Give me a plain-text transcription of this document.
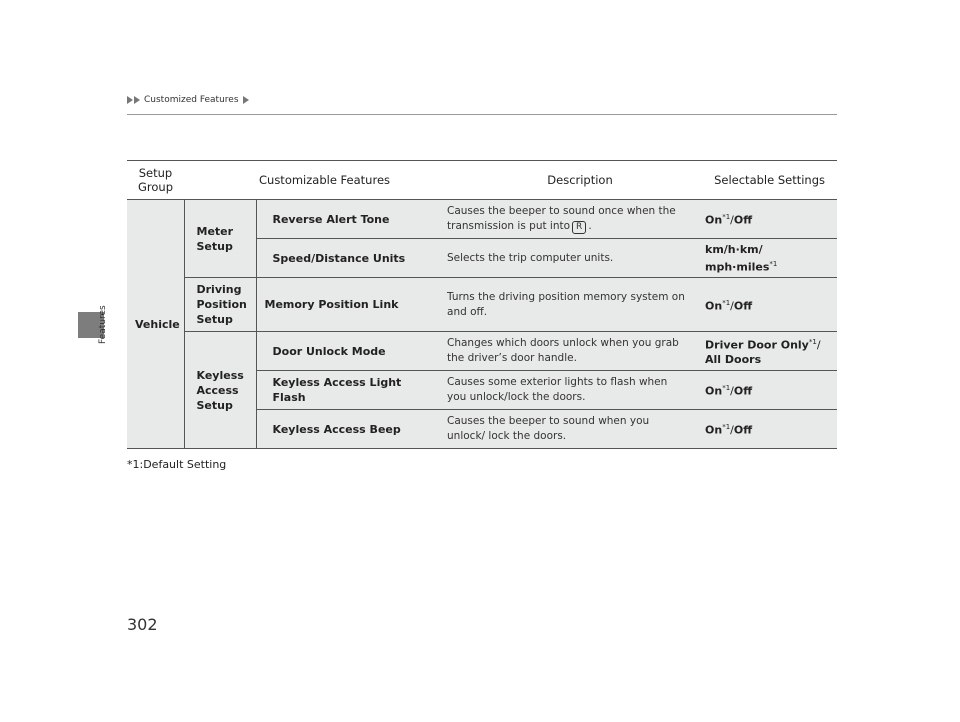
Customized Features
Features
Setup Group	Customizable Features		Description	Selectable Settings
Vehicle	Meter Setup	Reverse Alert Tone	Causes the beeper to sound once when the transmission is put into R .	On$^{*1}$/Off
		Speed/Distance Units	Selects the trip computer units.	km/h·km/
mph·miles$^{*1}$
	Driving Position Setup	Memory Position Link	Turns the driving position memory system on and off.	On$^{*1}$/Off
	Keyless Access Setup	Door Unlock Mode	Changes which doors unlock when you grab the driver’s door handle.	Driver Door Only$^{*1}$/
All Doors
		Keyless Access Light Flash	Causes some exterior lights to flash when you unlock/lock the doors.	On$^{*1}$/Off
		Keyless Access Beep	Causes the beeper to sound when you unlock/ lock the doors.	On$^{*1}$/Off
*1:Default Setting
302
